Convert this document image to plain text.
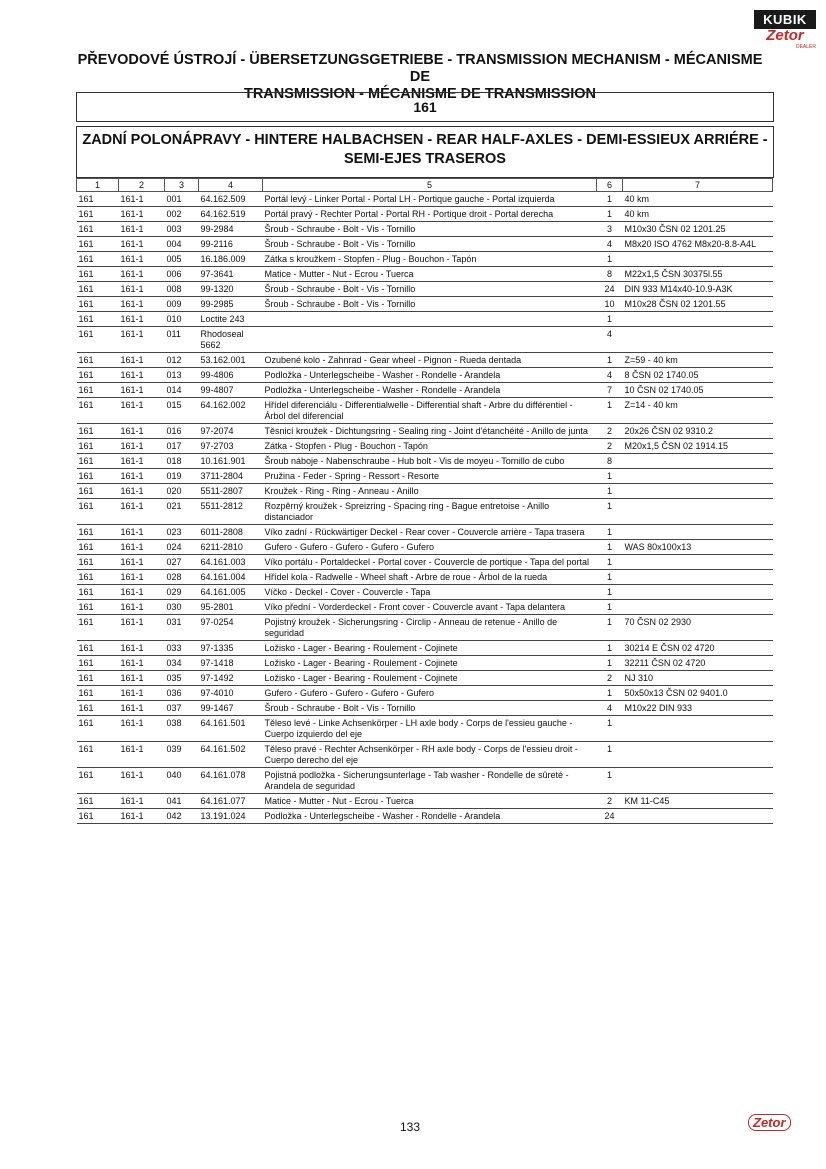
KUBIK
Zetor
DEALER
PŘEVODOVÉ ÚSTROJÍ - ÜBERSETZUNGSGETRIEBE - TRANSMISSION MECHANISM - MÉCANISME DE
TRANSMISSION - MÉCANISME DE TRANSMISSION
161
ZADNÍ POLONÁPRAVY - HINTERE HALBACHSEN - REAR HALF-AXLES - DEMI-ESSIEUX ARRIÉRE -
SEMI-EJES TRASEROS
1	2	3	4	5	6	7
161	161-1	001	64.162.509	Portál levý - Linker Portal - Portal LH - Portique gauche - Portal izquierda	1	40 km
161	161-1	002	64.162.519	Portál pravý - Rechter Portal - Portal RH - Portique droit - Portal derecha	1	40 km
161	161-1	003	99-2984	Šroub - Schraube - Bolt - Vis - Tornillo	3	M10x30 ČSN 02 1201.25
161	161-1	004	99-2116	Šroub - Schraube - Bolt - Vis - Tornillo	4	M8x20 ISO 4762 M8x20-8.8-A4L
161	161-1	005	16.186.009	Zátka s kroužkem - Stopfen - Plug - Bouchon - Tapón	1	
161	161-1	006	97-3641	Matice - Mutter - Nut - Ecrou - Tuerca	8	M22x1,5 ČSN 30375l.55
161	161-1	008	99-1320	Šroub - Schraube - Bolt - Vis - Tornillo	24	DIN 933 M14x40-10.9-A3K
161	161-1	009	99-2985	Šroub - Schraube - Bolt - Vis - Tornillo	10	M10x28 ČSN 02 1201.55
161	161-1	010	Loctite 243		1	
161	161-1	011	Rhodoseal 5662		4	
161	161-1	012	53.162.001	Ozubené kolo - Zahnrad - Gear wheel - Pignon - Rueda dentada	1	Z=59 - 40 km
161	161-1	013	99-4806	Podložka - Unterlegscheibe - Washer - Rondelle - Arandela	4	8 ČSN 02 1740.05
161	161-1	014	99-4807	Podložka - Unterlegscheibe - Washer - Rondelle - Arandela	7	10 ČSN 02 1740.05
161	161-1	015	64.162.002	Hřídel diferenciálu - Differentialwelle - Differential shaft - Arbre du différentiel - Árbol del diferencial	1	Z=14 - 40 km
161	161-1	016	97-2074	Těsnicí kroužek - Dichtungsring - Sealing ring - Joint d'étanchéité - Anillo de junta	2	20x26 ČSN 02 9310.2
161	161-1	017	97-2703	Zátka - Stopfen - Plug - Bouchon - Tapón	2	M20x1,5 ČSN 02 1914.15
161	161-1	018	10.161.901	Šroub náboje - Nabenschraube - Hub bolt - Vis de moyeu - Tornillo de cubo	8	
161	161-1	019	3711-2804	Pružina - Feder - Spring - Ressort - Resorte	1	
161	161-1	020	5511-2807	Kroužek - Ring - Ring - Anneau - Anillo	1	
161	161-1	021	5511-2812	Rozpěrný kroužek - Spreizring - Spacing ring - Bague entretoise - Anillo distanciador	1	
161	161-1	023	6011-2808	Víko zadní - Rückwärtiger Deckel - Rear cover - Couvercle arrière - Tapa trasera	1	
161	161-1	024	6211-2810	Gufero - Gufero - Gufero - Gufero - Gufero	1	WAS 80x100x13
161	161-1	027	64.161.003	Víko portálu - Portaldeckel - Portal cover - Couvercle de portique - Tapa del portal	1	
161	161-1	028	64.161.004	Hřídel kola - Radwelle - Wheel shaft - Arbre de roue - Árbol de la rueda	1	
161	161-1	029	64.161.005	Víčko - Deckel - Cover - Couvercle - Tapa	1	
161	161-1	030	95-2801	Víko přední - Vorderdeckel - Front cover - Couvercle avant - Tapa delantera	1	
161	161-1	031	97-0254	Pojistný kroužek - Sicherungsring - Circlip - Anneau de retenue - Anillo de seguridad	1	70 ČSN 02 2930
161	161-1	033	97-1335	Ložisko - Lager - Bearing - Roulement - Cojinete	1	30214 E ČSN 02 4720
161	161-1	034	97-1418	Ložisko - Lager - Bearing - Roulement - Cojinete	1	32211 ČSN 02 4720
161	161-1	035	97-1492	Ložisko - Lager - Bearing - Roulement - Cojinete	2	NJ 310
161	161-1	036	97-4010	Gufero - Gufero - Gufero - Gufero - Gufero	1	50x50x13 ČSN 02 9401.0
161	161-1	037	99-1467	Šroub - Schraube - Bolt - Vis - Tornillo	4	M10x22 DIN 933
161	161-1	038	64.161.501	Těleso levé - Linke Achsenkörper - LH axle body - Corps de l'essieu gauche - Cuerpo izquierdo del eje	1	
161	161-1	039	64.161.502	Těleso pravé - Rechter Achsenkörper - RH axle body - Corps de l'essieu droit - Cuerpo derecho del eje	1	
161	161-1	040	64.161.078	Pojistná podložka - Sicherungsunterlage - Tab washer - Rondelle de sûreté - Arandela de seguridad	1	
161	161-1	041	64.161.077	Matice - Mutter - Nut - Ecrou - Tuerca	2	KM 11-C45
161	161-1	042	13.191.024	Podložka - Unterlegscheibe - Washer - Rondelle - Arandela	24	
133	Zetor
